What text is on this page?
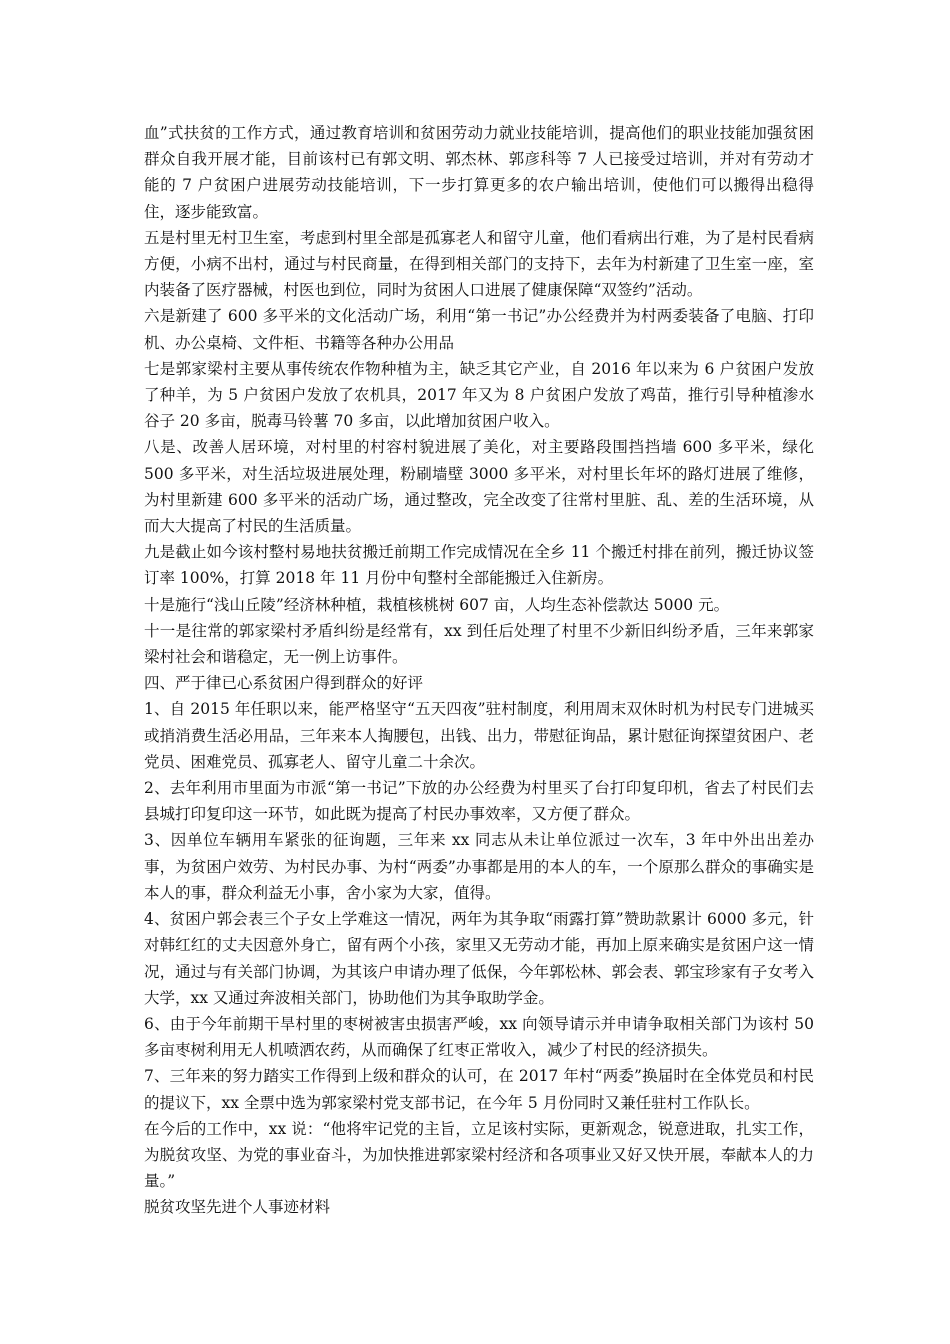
血”式扶贫的工作方式，通过教育培训和贫困劳动力就业技能培训，提高他们的职业技能加强贫困群众自我开展才能，目前该村已有郭文明、郭杰林、郭彦科等 7 人已接受过培训，并对有劳动才能的 7 户贫困户进展劳动技能培训，下一步打算更多的农户输出培训，使他们可以搬得出稳得住，逐步能致富。

五是村里无村卫生室，考虑到村里全部是孤寡老人和留守儿童，他们看病出行难，为了是村民看病方便，小病不出村，通过与村民商量，在得到相关部门的支持下，去年为村新建了卫生室一座，室内装备了医疗器械，村医也到位，同时为贫困人口进展了健康保障“双签约”活动。

六是新建了 600 多平米的文化活动广场，利用“第一书记”办公经费并为村两委装备了电脑、打印机、办公桌椅、文件柜、书籍等各种办公用品

七是郭家梁村主要从事传统农作物种植为主，缺乏其它产业，自 2016 年以来为 6 户贫困户发放了种羊，为 5 户贫困户发放了农机具，2017 年又为 8 户贫困户发放了鸡苗，推行引导种植渗水谷子 20 多亩，脱毒马铃薯 70 多亩，以此增加贫困户收入。

八是、改善人居环境，对村里的村容村貌进展了美化，对主要路段围挡挡墙 600 多平米，绿化 500 多平米，对生活垃圾进展处理，粉刷墙壁 3000 多平米，对村里长年坏的路灯进展了维修，为村里新建 600 多平米的活动广场，通过整改，完全改变了往常村里脏、乱、差的生活环境，从而大大提高了村民的生活质量。

九是截止如今该村整村易地扶贫搬迁前期工作完成情况在全乡 11 个搬迁村排在前列，搬迁协议签订率 100%，打算 2018 年 11 月份中旬整村全部能搬迁入住新房。

十是施行“浅山丘陵”经济林种植，栽植核桃树 607 亩，人均生态补偿款达 5000 元。

十一是往常的郭家梁村矛盾纠纷是经常有，xx 到任后处理了村里不少新旧纠纷矛盾，三年来郭家梁村社会和谐稳定，无一例上访事件。

四、严于律已心系贫困户得到群众的好评

1、自 2015 年任职以来，能严格坚守“五天四夜”驻村制度，利用周末双休时机为村民专门进城买或捎消费生活必用品，三年来本人掏腰包，出钱、出力，带慰征询品，累计慰征询探望贫困户、老党员、困难党员、孤寡老人、留守儿童二十余次。

2、去年利用市里面为市派“第一书记”下放的办公经费为村里买了台打印复印机，省去了村民们去县城打印复印这一环节，如此既为提高了村民办事效率，又方便了群众。

3、因单位车辆用车紧张的征询题，三年来 xx 同志从未让单位派过一次车，3 年中外出出差办事，为贫困户效劳、为村民办事、为村“两委”办事都是用的本人的车，一个原那么群众的事确实是本人的事，群众利益无小事，舍小家为大家，值得。

4、贫困户郭会表三个子女上学难这一情况，两年为其争取“雨露打算”赞助款累计 6000 多元，针对韩红红的丈夫因意外身亡，留有两个小孩，家里又无劳动才能，再加上原来确实是贫困户这一情况，通过与有关部门协调，为其该户申请办理了低保，今年郭松林、郭会表、郭宝珍家有子女考入大学，xx 又通过奔波相关部门，协助他们为其争取助学金。

6、由于今年前期干旱村里的枣树被害虫损害严峻，xx 向领导请示并申请争取相关部门为该村 50 多亩枣树利用无人机喷洒农药，从而确保了红枣正常收入，减少了村民的经济损失。

7、三年来的努力踏实工作得到上级和群众的认可，在 2017 年村“两委”换届时在全体党员和村民的提议下，xx 全票中选为郭家梁村党支部书记，在今年 5 月份同时又兼任驻村工作队长。

在今后的工作中，xx 说：“他将牢记党的主旨，立足该村实际，更新观念，锐意进取，扎实工作，为脱贫攻坚、为党的事业奋斗，为加快推进郭家梁村经济和各项事业又好又快开展，奉献本人的力量。”

脱贫攻坚先进个人事迹材料
